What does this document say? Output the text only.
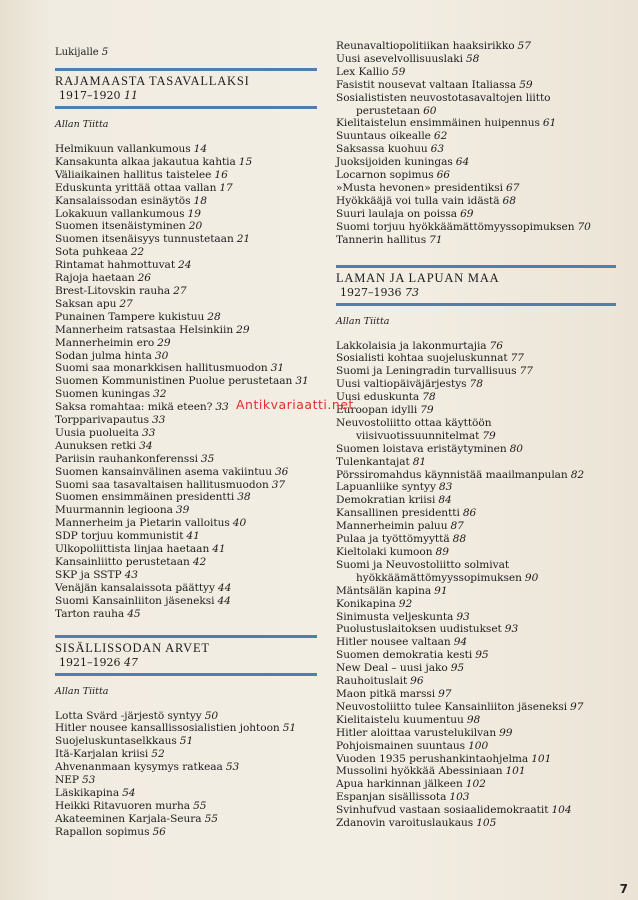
Lukijalle 5
RAJAMAASTA TASAVALLAKSI
1917–1920 11
Allan Tiitta
Helmikuun vallankumous 14
Kansakunta alkaa jakautua kahtia 15
Väliaikainen hallitus taistelee 16
Eduskunta yrittää ottaa vallan 17
Kansalaissodan esinäytös 18
Lokakuun vallankumous 19
Suomen itsenäistyminen 20
Suomen itsenäisyys tunnustetaan 21
Sota puhkeaa 22
Rintamat hahmottuvat 24
Rajoja haetaan 26
Brest-Litovskin rauha 27
Saksan apu 27
Punainen Tampere kukistuu 28
Mannerheim ratsastaa Helsinkiin 29
Mannerheimin ero 29
Sodan julma hinta 30
Suomi saa monarkkisen hallitusmuodon 31
Suomen Kommunistinen Puolue perustetaan 31
Suomen kuningas 32
Saksa romahtaa: mikä eteen? 33
Torpparivapautus 33
Uusia puolueita 33
Aunuksen retki 34
Pariisin rauhankonferenssi 35
Suomen kansainvälinen asema vakiintuu 36
Suomi saa tasavaltaisen hallitusmuodon 37
Suomen ensimmäinen presidentti 38
Muurmannin legioona 39
Mannerheim ja Pietarin valloitus 40
SDP torjuu kommunistit 41
Ulkopoliittista linjaa haetaan 41
Kansainliitto perustetaan 42
SKP ja SSTP 43
Venäjän kansalaissota päättyy 44
Suomi Kansainliiton jäseneksi 44
Tarton rauha 45
SISÄLLISSODAN ARVET
1921–1926 47
Allan Tiitta
Lotta Svärd -järjestö syntyy 50
Hitler nousee kansallissosialistien johtoon 51
Suojeluskuntaselkkaus 51
Itä-Karjalan kriisi 52
Ahvenanmaan kysymys ratkeaa 53
NEP 53
Läskikapina 54
Heikki Ritavuoren murha 55
Akateeminen Karjala-Seura 55
Rapallon sopimus 56
Reunavaltiopolitiikan haaksirikko 57
Uusi asevelvollisuuslaki 58
Lex Kallio 59
Fasistit nousevat valtaan Italiassa 59
Sosialististen neuvostotasavaltojen liitto perustetaan 60
Kielitaistelun ensimmäinen huipennus 61
Suuntaus oikealle 62
Saksassa kuohuu 63
Juoksijoiden kuningas 64
Locarnon sopimus 66
»Musta hevonen» presidentiksi 67
Hyökkääjä voi tulla vain idästä 68
Suuri laulaja on poissa 69
Suomi torjuu hyökkäämättömyyssopimuksen 70
Tannerin hallitus 71
LAMAN JA LAPUAN MAA
1927–1936 73
Allan Tiitta
Lakkolaisia ja lakonmurtajia 76
Sosialisti kohtaa suojeluskunnat 77
Suomi ja Leningradin turvallisuus 77
Uusi valtiopäiväjärjestys 78
Uusi eduskunta 78
Euroopan idylli 79
Neuvostoliitto ottaa käyttöön viisivuotissuunnitelmat 79
Suomen loistava eristäytyminen 80
Tulenkantajat 81
Pörssiromahdus käynnistää maailmanpulan 82
Lapuanliike syntyy 83
Demokratian kriisi 84
Kansallinen presidentti 86
Mannerheimin paluu 87
Pulaa ja työttömyyttä 88
Kieltolaki kumoon 89
Suomi ja Neuvostoliitto solmivat hyökkäämättömyyssopimuksen 90
Mäntsälän kapina 91
Konikapina 92
Sinimusta veljeskunta 93
Puolustuslaitoksen uudistukset 93
Hitler nousee valtaan 94
Suomen demokratia kesti 95
New Deal – uusi jako 95
Rauhoituslait 96
Maon pitkä marssi 97
Neuvostoliitto tulee Kansainliiton jäseneksi 97
Kielitaistelu kuumentuu 98
Hitler aloittaa varustelukilvan 99
Pohjoismainen suuntaus 100
Vuoden 1935 perushankintaohjelma 101
Mussolini hyökkää Abessiniaan 101
Apua harkinnan jälkeen 102
Espanjan sisällissota 103
Svinhufvud vastaan sosiaalidemokraatit 104
Zdanovin varoituslaukaus 105
Antikvariaatti.net
7
